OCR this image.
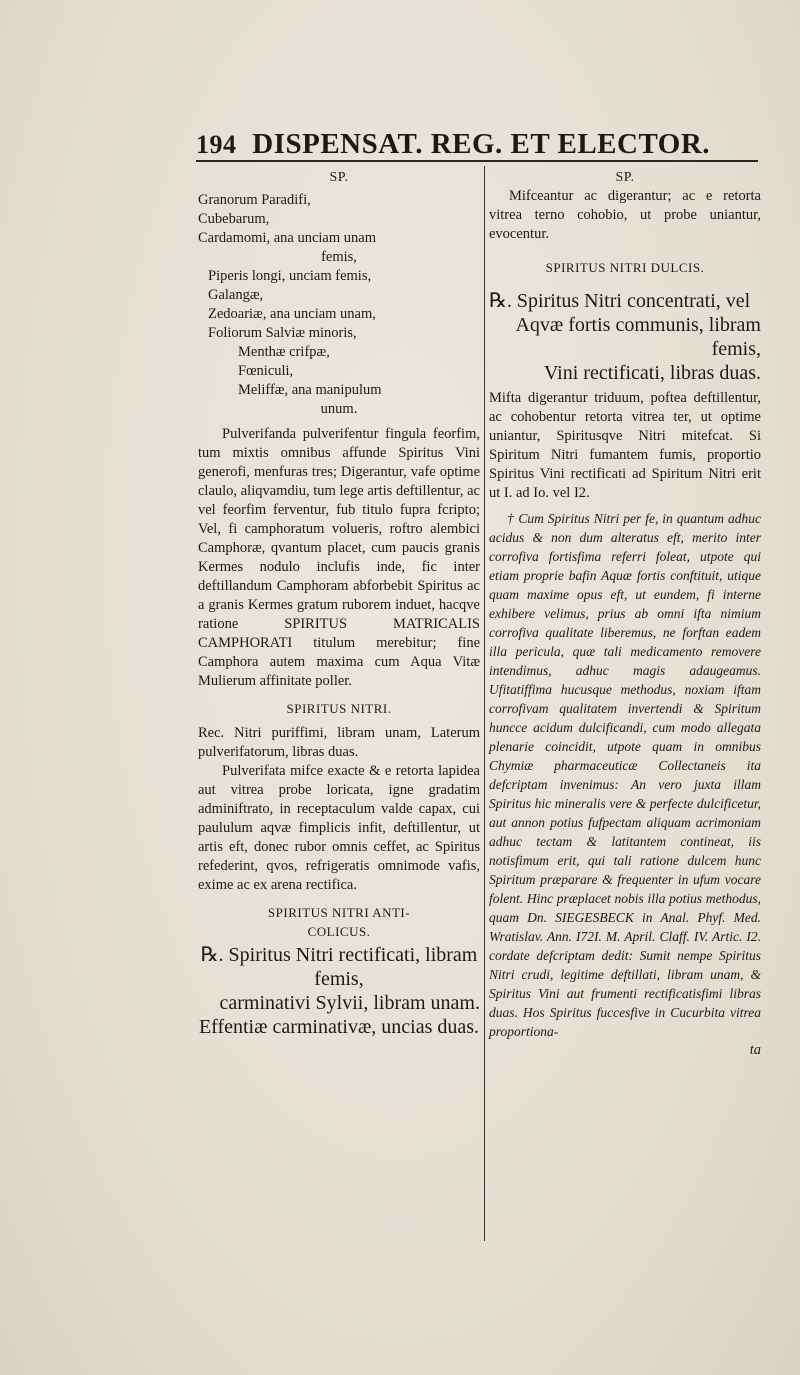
194 DISPENSAT. REG. ET ELECTOR.
SP.
Granorum Paradifi,
Cubebarum,
Cardamomi, ana unciam unam
femis,
Piperis longi, unciam femis,
Galangæ,
Zedoariæ, ana unciam unam,
Foliorum Salviæ minoris,
Menthæ crifpæ,
Fœniculi,
Meliffæ, ana manipulum
unum.

Pulverifanda pulverifentur fingula feorfim, tum mixtis omnibus affunde Spiritus Vini generofi, menfuras tres; Digerantur, vafe optime claulo, aliqvamdiu, tum lege artis deftillentur, ac vel feorfim ferventur, fub titulo fupra fcripto; Vel, fi camphoratum volueris, roftro alembici Camphoræ, qvantum placet, cum paucis granis Kermes nodulo inclufis inde, fic inter deftillandum Camphoram abforbebit Spiritus ac a granis Kermes gratum ruborem induet, hacqve ratione SPIRITUS MATRICALIS CAMPHORATI titulum merebitur; fine Camphora autem maxima cum Aqua Vitæ Mulierum affinitate poller.

SPIRITUS NITRI.

Rec. Nitri puriffimi, libram unam, Laterum pulverifatorum, libras duas.

Pulverifata mifce exacte & e retorta lapidea aut vitrea probe loricata, igne gradatim adminiftrato, in receptaculum valde capax, cui paululum aqvæ fimplicis infit, deftillentur, ut artis eft, donec rubor omnis ceffet, ac Spiritus refederint, qvos, refrigeratis omnimode vafis, exime ac ex arena rectifica.

SPIRITUS NITRI ANTI-
COLICUS.
℞. Spiritus Nitri rectificati, libram femis,
carminativi Sylvii, libram unam.
Effentiæ carminativæ, uncias duas.
SP.

Mifceantur ac digerantur; ac e retorta vitrea terno cohobio, ut probe uniantur, evocentur.

SPIRITUS NITRI DULCIS.
℞. Spiritus Nitri concentrati, vel
Aqvæ fortis communis, libram femis,
Vini rectificati, libras duas.

Mifta digerantur triduum, poftea deftillentur, ac cohobentur retorta vitrea ter, ut optime uniantur, Spiritusqve Nitri mitefcat. Si Spiritum Nitri fumantem fumis, proportio Spiritus Vini rectificati ad Spiritum Nitri erit ut I. ad Io. vel I2.

† Cum Spiritus Nitri per fe, in quantum adhuc acidus & non dum alteratus eft, merito inter corrofiva fortisfima referri foleat, utpote qui etiam proprie bafin Aquæ fortis conftituit, utique quam maxime opus eft, ut eundem, fi interne exhibere velimus, prius ab omni ifta nimium corrofiva qualitate liberemus, ne forftan eadem illa pericula, quæ tali medicamento removere intendimus, adhuc magis adaugeamus. Ufitatiffima hucusque methodus, noxiam iftam corrofivam qualitatem invertendi & Spiritum huncce acidum dulcificandi, cum modo allegata plenarie coincidit, utpote quam in omnibus Chymiæ pharmaceuticæ Collectaneis ita defcriptam invenimus: An vero juxta illam Spiritus hic mineralis vere & perfecte dulcificetur, aut annon potius fufpectam aliquam acrimoniam adhuc tectam & latitantem contineat, iis notisfimum erit, qui tali ratione dulcem hunc Spiritum præparare & frequenter in ufum vocare folent. Hinc præplacet nobis illa potius methodus, quam Dn. SIEGESBECK in Anal. Phyf. Med. Wratislav. Ann. I72I. M. April. Claff. IV. Artic. I2. cordate defcriptam dedit: Sumit nempe Spiritus Nitri crudi, legitime deftillati, libram unam, & Spiritus Vini aut frumenti rectificatisfimi libras duas. Hos Spiritus fuccesfive in Cucurbita vitrea proportiona-

ta
